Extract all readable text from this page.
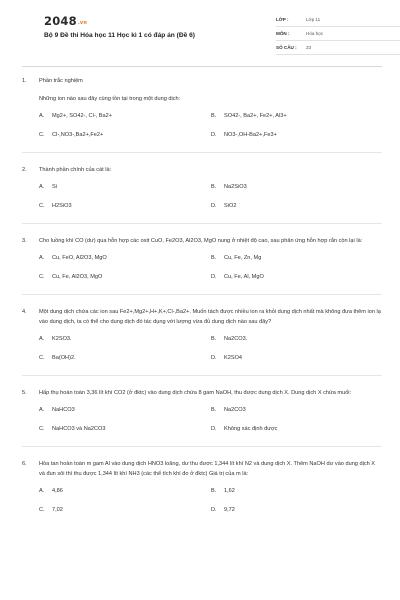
2048.vn
Bộ 9 Đề thi Hóa học 11 Học kì 1 có đáp án (Đề 6)
LỚP :	Lớp 11
MÔN :	Hóa học
SỐ CÂU :	23
1.	Phần trắc nghiệm
Những ion nào sau đây cùng tồn tại trong một dung dịch:
A. Mg2+, SO42-, Cl-, Ba2+	B. SO42-, Ba2+, Fe2+, Al3+
C. Cl-,NO3-,Ba2+,Fe2+	D. NO3-,OH-Ba2+,Fe3+
2.	Thành phần chính của cát là:
A. Si	B. Na2SiO3
C. H2SiO3	D. SiO2
3.	Cho luồng khí CO (dư) qua hỗn hợp các oxit CuO, Fe2O3, Al2O3, MgO nung ở nhiệt độ cao, sau phản ứng hỗn hợp rắn còn lại là:
A. Cu, FeO, Al2O3, MgO	B. Cu, Fe, Zn, Mg
C. Cu, Fe, Al2O3, MgO	D. Cu, Fe, Al, MgO
4.	Một dung dịch chứa các ion sau Fe2+,Mg2+,H+,K+,Cl-,Ba2+. Muốn tách được nhiều ion ra khỏi dung dịch nhất mà không đưa thêm ion lạ vào dung dịch, ta có thể cho dung dịch đó tác dụng với lượng vừa đủ dung dịch nào sau đây?
A. K2SO3.	B. Na2CO3.
C. Ba(OH)2.	D. K2SO4
5.	Hấp thụ hoàn toàn 3,36 lít khí CO2 (ở đktc) vào dung dịch chứa 8 gam NaOH, thu được dung dịch X. Dung dịch X chứa muối:
A. NaHCO3	B. Na2CO3
C. NaHCO3 và Na2CO3	D. Không xác định được
6.	Hòa tan hoàn toàn m gam Al vào dung dịch HNO3 loãng, dư thu được 1,344 lít khí N2 và dung dịch X. Thêm NaOH dư vào dung dịch X và đun sôi thì thu được 1,344 lít khí NH3 (các thể tích khí đo ở đktc) Giá trị của m là:
A. 4,86	B. 1,62
C. 7,02	D. 9,72
